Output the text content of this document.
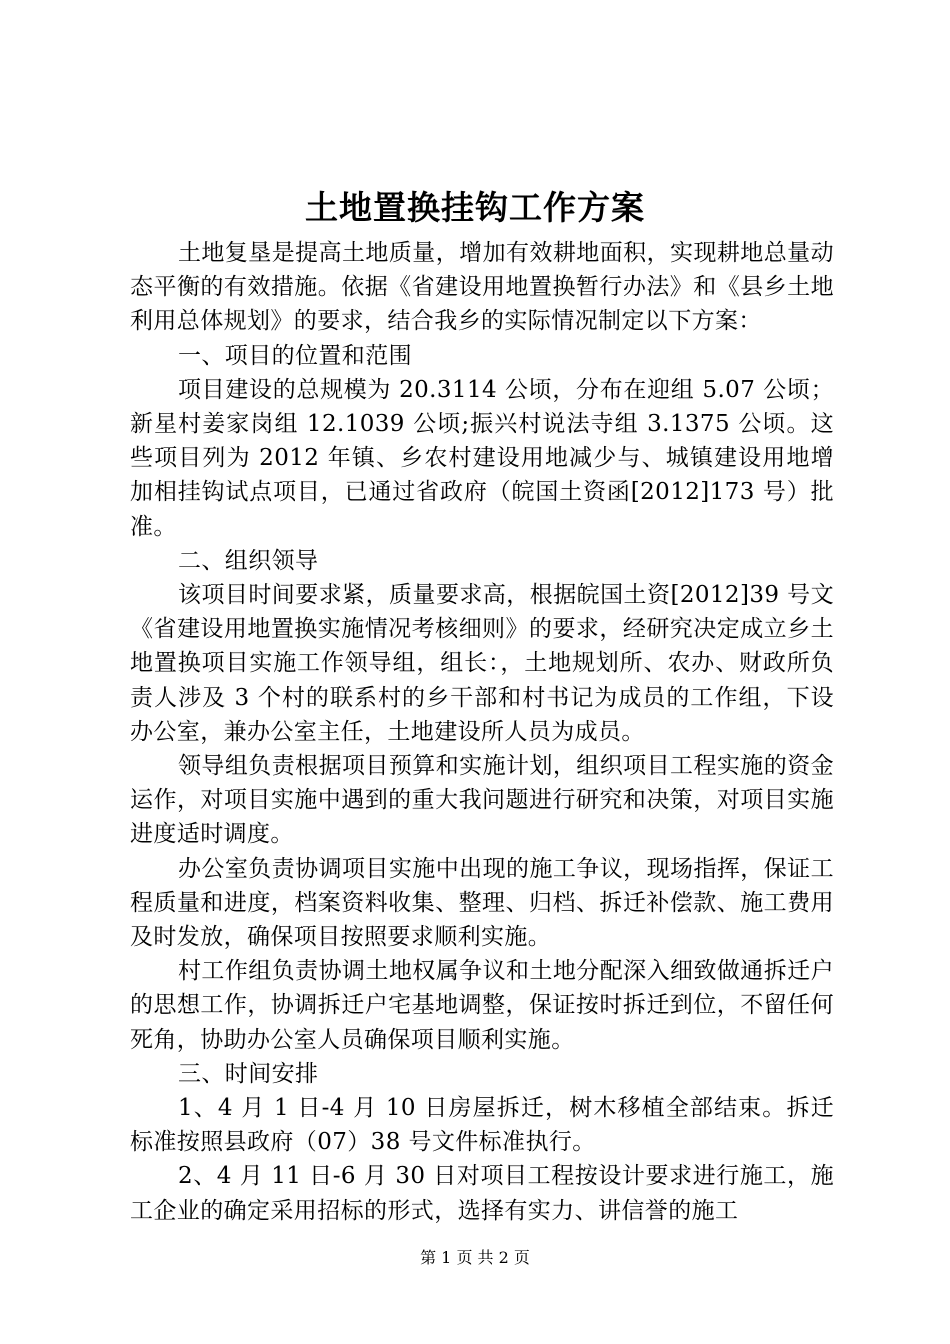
土地置换挂钩工作方案

土地复垦是提高土地质量，增加有效耕地面积，实现耕地总量动态平衡的有效措施。依据《省建设用地置换暂行办法》和《县乡土地利用总体规划》的要求，结合我乡的实际情况制定以下方案：

一、项目的位置和范围

项目建设的总规模为 20.3114 公顷，分布在迎组 5.07 公顷；新星村姜家岗组 12.1039 公顷;振兴村说法寺组 3.1375 公顷。这些项目列为 2012 年镇、乡农村建设用地减少与、城镇建设用地增加相挂钩试点项目，已通过省政府（皖国土资函[2012]173 号）批准。

二、组织领导

该项目时间要求紧，质量要求高，根据皖国土资[2012]39 号文《省建设用地置换实施情况考核细则》的要求，经研究决定成立乡土地置换项目实施工作领导组，组长：，土地规划所、农办、财政所负责人涉及 3 个村的联系村的乡干部和村书记为成员的工作组，下设办公室，兼办公室主任，土地建设所人员为成员。

领导组负责根据项目预算和实施计划，组织项目工程实施的资金运作，对项目实施中遇到的重大我问题进行研究和决策，对项目实施进度适时调度。

办公室负责协调项目实施中出现的施工争议，现场指挥，保证工程质量和进度，档案资料收集、整理、归档、拆迁补偿款、施工费用及时发放，确保项目按照要求顺利实施。

村工作组负责协调土地权属争议和土地分配深入细致做通拆迁户的思想工作，协调拆迁户宅基地调整，保证按时拆迁到位，不留任何死角，协助办公室人员确保项目顺利实施。

三、时间安排

1、4 月 1 日-4 月 10 日房屋拆迁，树木移植全部结束。拆迁标准按照县政府（07）38 号文件标准执行。

2、4 月 11 日-6 月 30 日对项目工程按设计要求进行施工，施工企业的确定采用招标的形式，选择有实力、讲信誉的施工

第 1 页 共 2 页
